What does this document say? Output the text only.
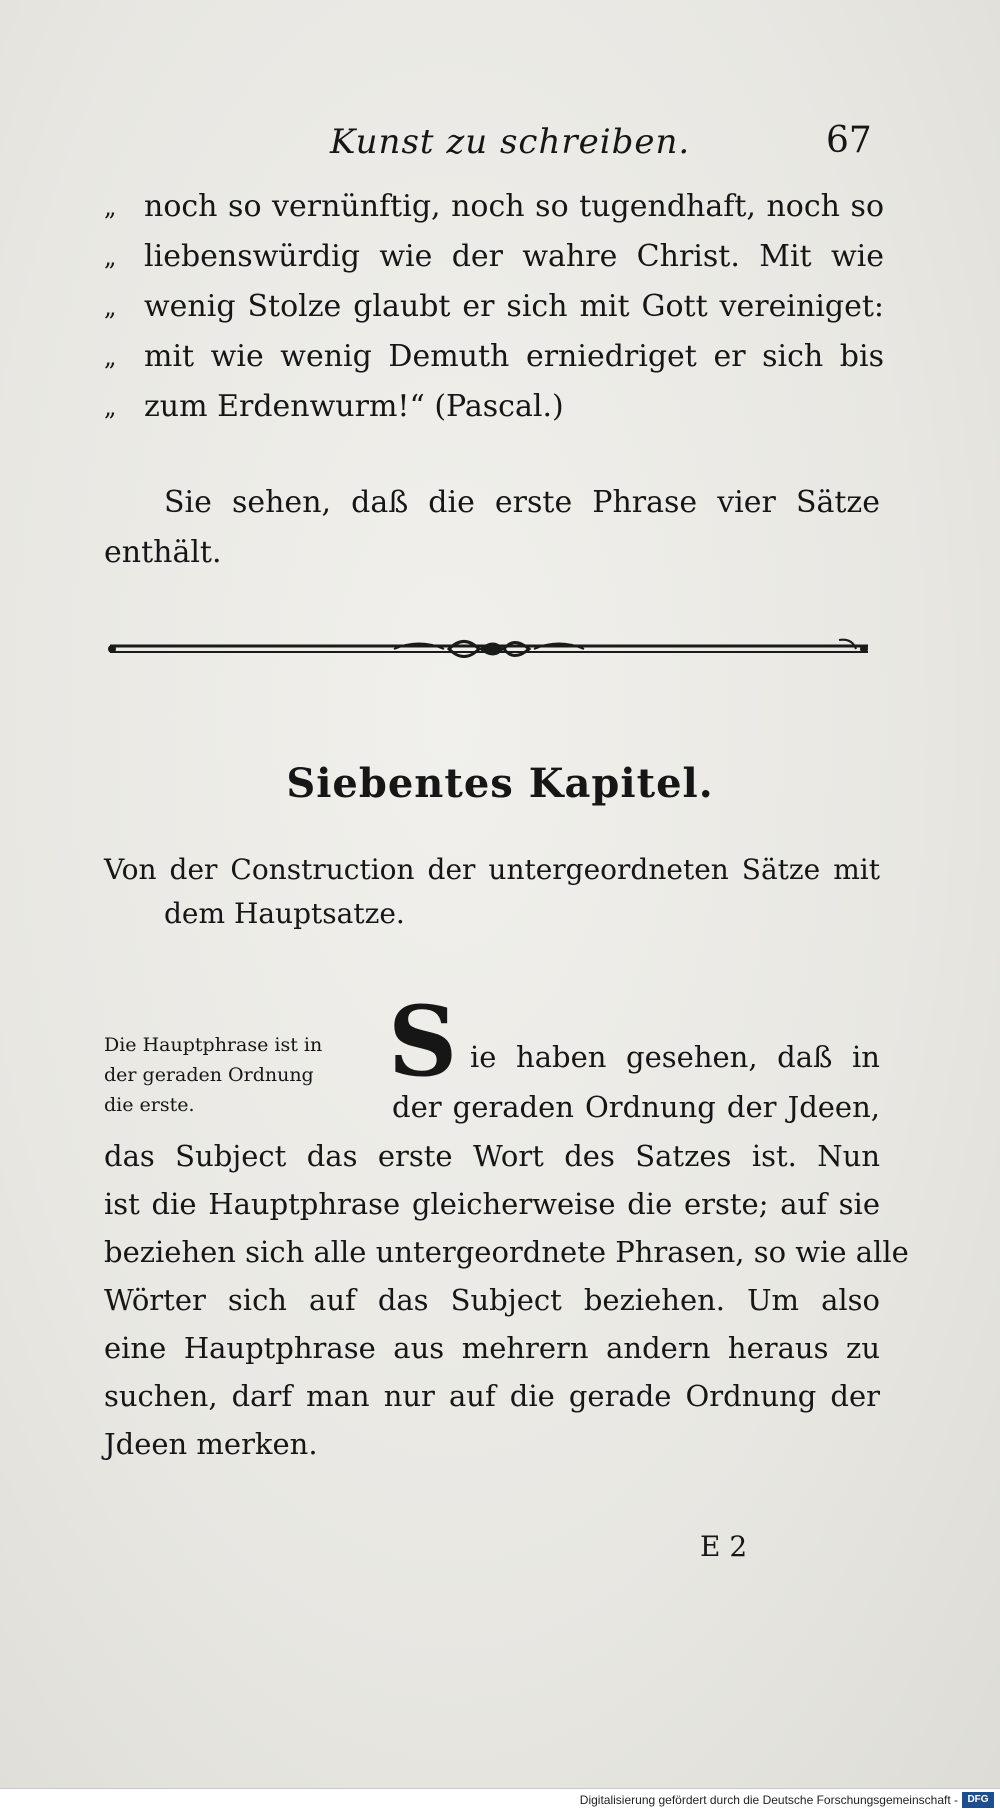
Kunst zu schreiben.	67
„ noch so vernünftig, noch so tugendhaft, noch so
„ liebenswürdig wie der wahre Christ. Mit wie
„ wenig Stolze glaubt er sich mit Gott vereiniget:
„ mit wie wenig Demuth erniedriget er sich bis
„ zum Erdenwurm!“ (Pascal.)
Sie sehen, daß die erste Phrase vier Sätze
enthält.
Siebentes Kapitel.
Von der Construction der untergeordneten Sätze mit
dem Hauptsatze.
Die Hauptphrase ist in
der geraden Ordnung
die erste.
S ie haben gesehen, daß in
der geraden Ordnung der Jdeen,
das Subject das erste Wort des Satzes ist. Nun
ist die Hauptphrase gleicherweise die erste; auf sie
beziehen sich alle untergeordnete Phrasen, so wie alle
Wörter sich auf das Subject beziehen. Um also
eine Hauptphrase aus mehrern andern heraus zu
suchen, darf man nur auf die gerade Ordnung der
Jdeen merken.
E 2
Digitalisierung gefördert durch die Deutsche Forschungsgemeinschaft - DFG
